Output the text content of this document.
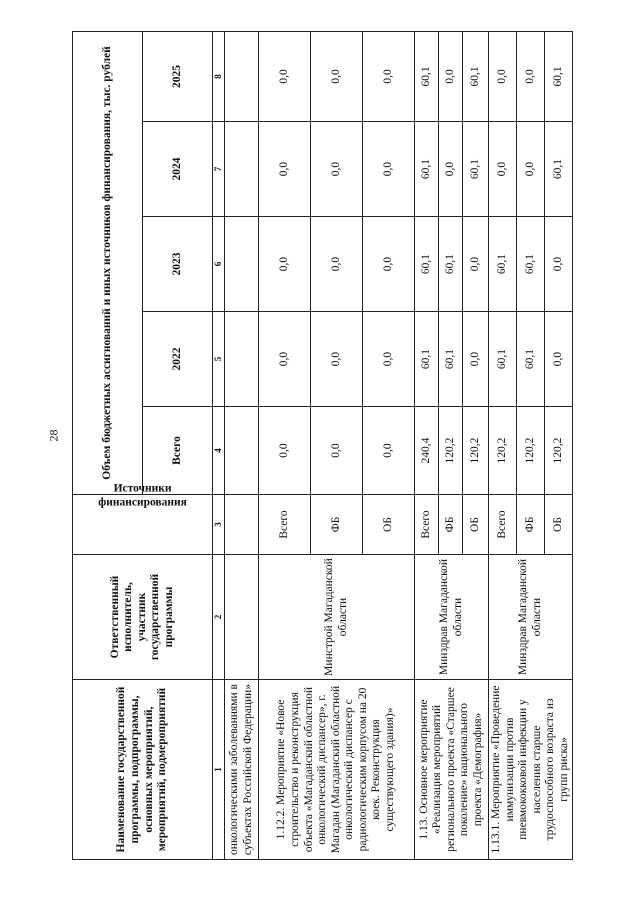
28
Наименование государственной программы, подпрограммы, основных мероприятий, мероприятий, подмероприятий	Ответственный исполнитель, участник государственной программы	Источники финансирования	Объем бюджетных ассигнований и иных источников финансирования, тыс. рублей				
			Всего	2022	2023	2024	2025
1	2	3	4	5	6	7	8
онкологическими заболеваниями в субъектах Российской Федерации»							
1.12.2. Мероприятие «Новое строительство и реконструкция объекта «Магаданский областной онкологический диспансер», г. Магадан (Магаданский областной онкологический диспансер с радиологическим корпусом на 20 коек. Реконструкция существующего здания)»	Минстрой Магаданской области	Всего	0,0	0,0	0,0	0,0	0,0
		ФБ	0,0	0,0	0,0	0,0	0,0
		ОБ	0,0	0,0	0,0	0,0	0,0
1.13. Основное мероприятие «Реализация мероприятий регионального проекта «Старшее поколение» национального проекта «Демография»	Минздрав Магаданской области	Всего	240,4	60,1	60,1	60,1	60,1
		ФБ	120,2	60,1	60,1	0,0	0,0
		ОБ	120,2	0,0	0,0	60,1	60,1
1.13.1. Мероприятие «Проведение иммунизации против пневмококковой инфекции у населения старше трудоспособного возраста из групп риска»	Минздрав Магаданской области	Всего	120,2	60,1	60,1	0,0	0,0
		ФБ	120,2	60,1	60,1	0,0	0,0
		ОБ	120,2	0,0	0,0	60,1	60,1
